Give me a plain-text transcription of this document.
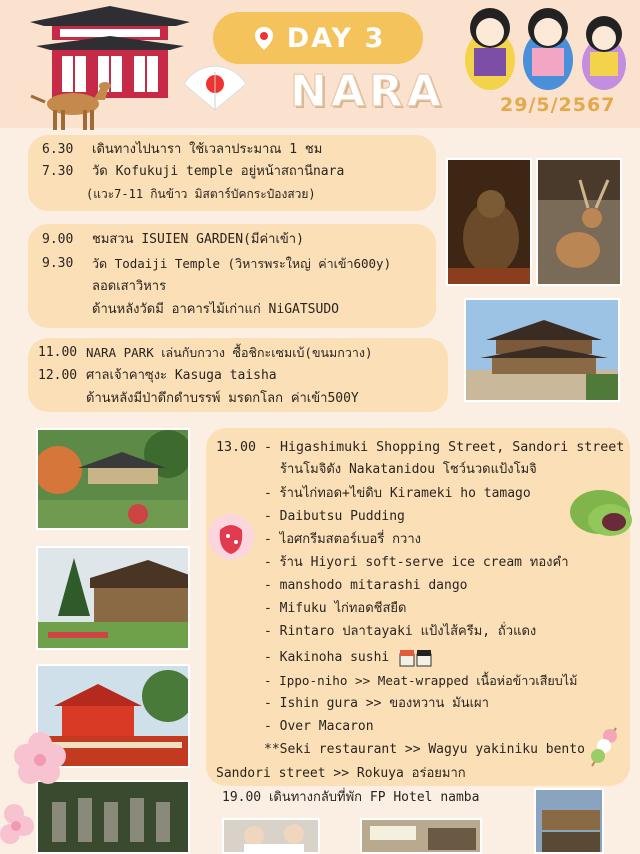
DAY 3
NARA	29/5/2567
6.30 เดินทางไปนารา ใช้เวลาประมาณ 1 ชม
7.30 วัด Kofukuji temple อยู่หน้าสถานีnara
(แวะ7-11 กินข้าว มิสตาร์บัคกระป๋องสวย)
9.00 ชมสวน ISUIEN GARDEN(มีค่าเข้า)
9.30 วัด Todaiji Temple (วิหารพระใหญ่ ค่าเข้า600y)
ลอดเสาวิหาร
ด้านหลังวัดมี อาคารไม้เก่าแก่ NiGATSUDO
11.00 NARA PARK เล่นกับกวาง ซื้อชิกะเซมเบ้(ขนมกวาง)
12.00 ศาลเจ้าคาซุงะ Kasuga taisha
ด้านหลังมีป่าดึกดำบรรพ์ มรดกโลก ค่าเข้า500Y
13.00 - Higashimuki Shopping Street, Sandori street
ร้านโมจิดัง Nakatanidou โชว์นวดแป้งโมจิ
- ร้านไก่ทอด+ไข่ดิบ Kirameki ho tamago
- Daibutsu Pudding
- ไอศกรีมสตอร์เบอรี่ กวาง
- ร้าน Hiyori soft-serve ice cream ทองคำ
- manshodo mitarashi dango
- Mifuku ไก่ทอดชีสยืด
- Rintaro ปลาtayaki แป้งไส้ครีม, ถั่วแดง
- Kakinoha sushi
- Ippo-niho >> Meat-wrapped เนื้อห่อข้าวเสียบไม้
- Ishin gura >> ของหวาน มันเผา
- Over Macaron
**Seki restaurant >> Wagyu yakiniku bento
Sandori street >> Rokuya อร่อยมาก
19.00 เดินทางกลับที่พัก FP Hotel namba
